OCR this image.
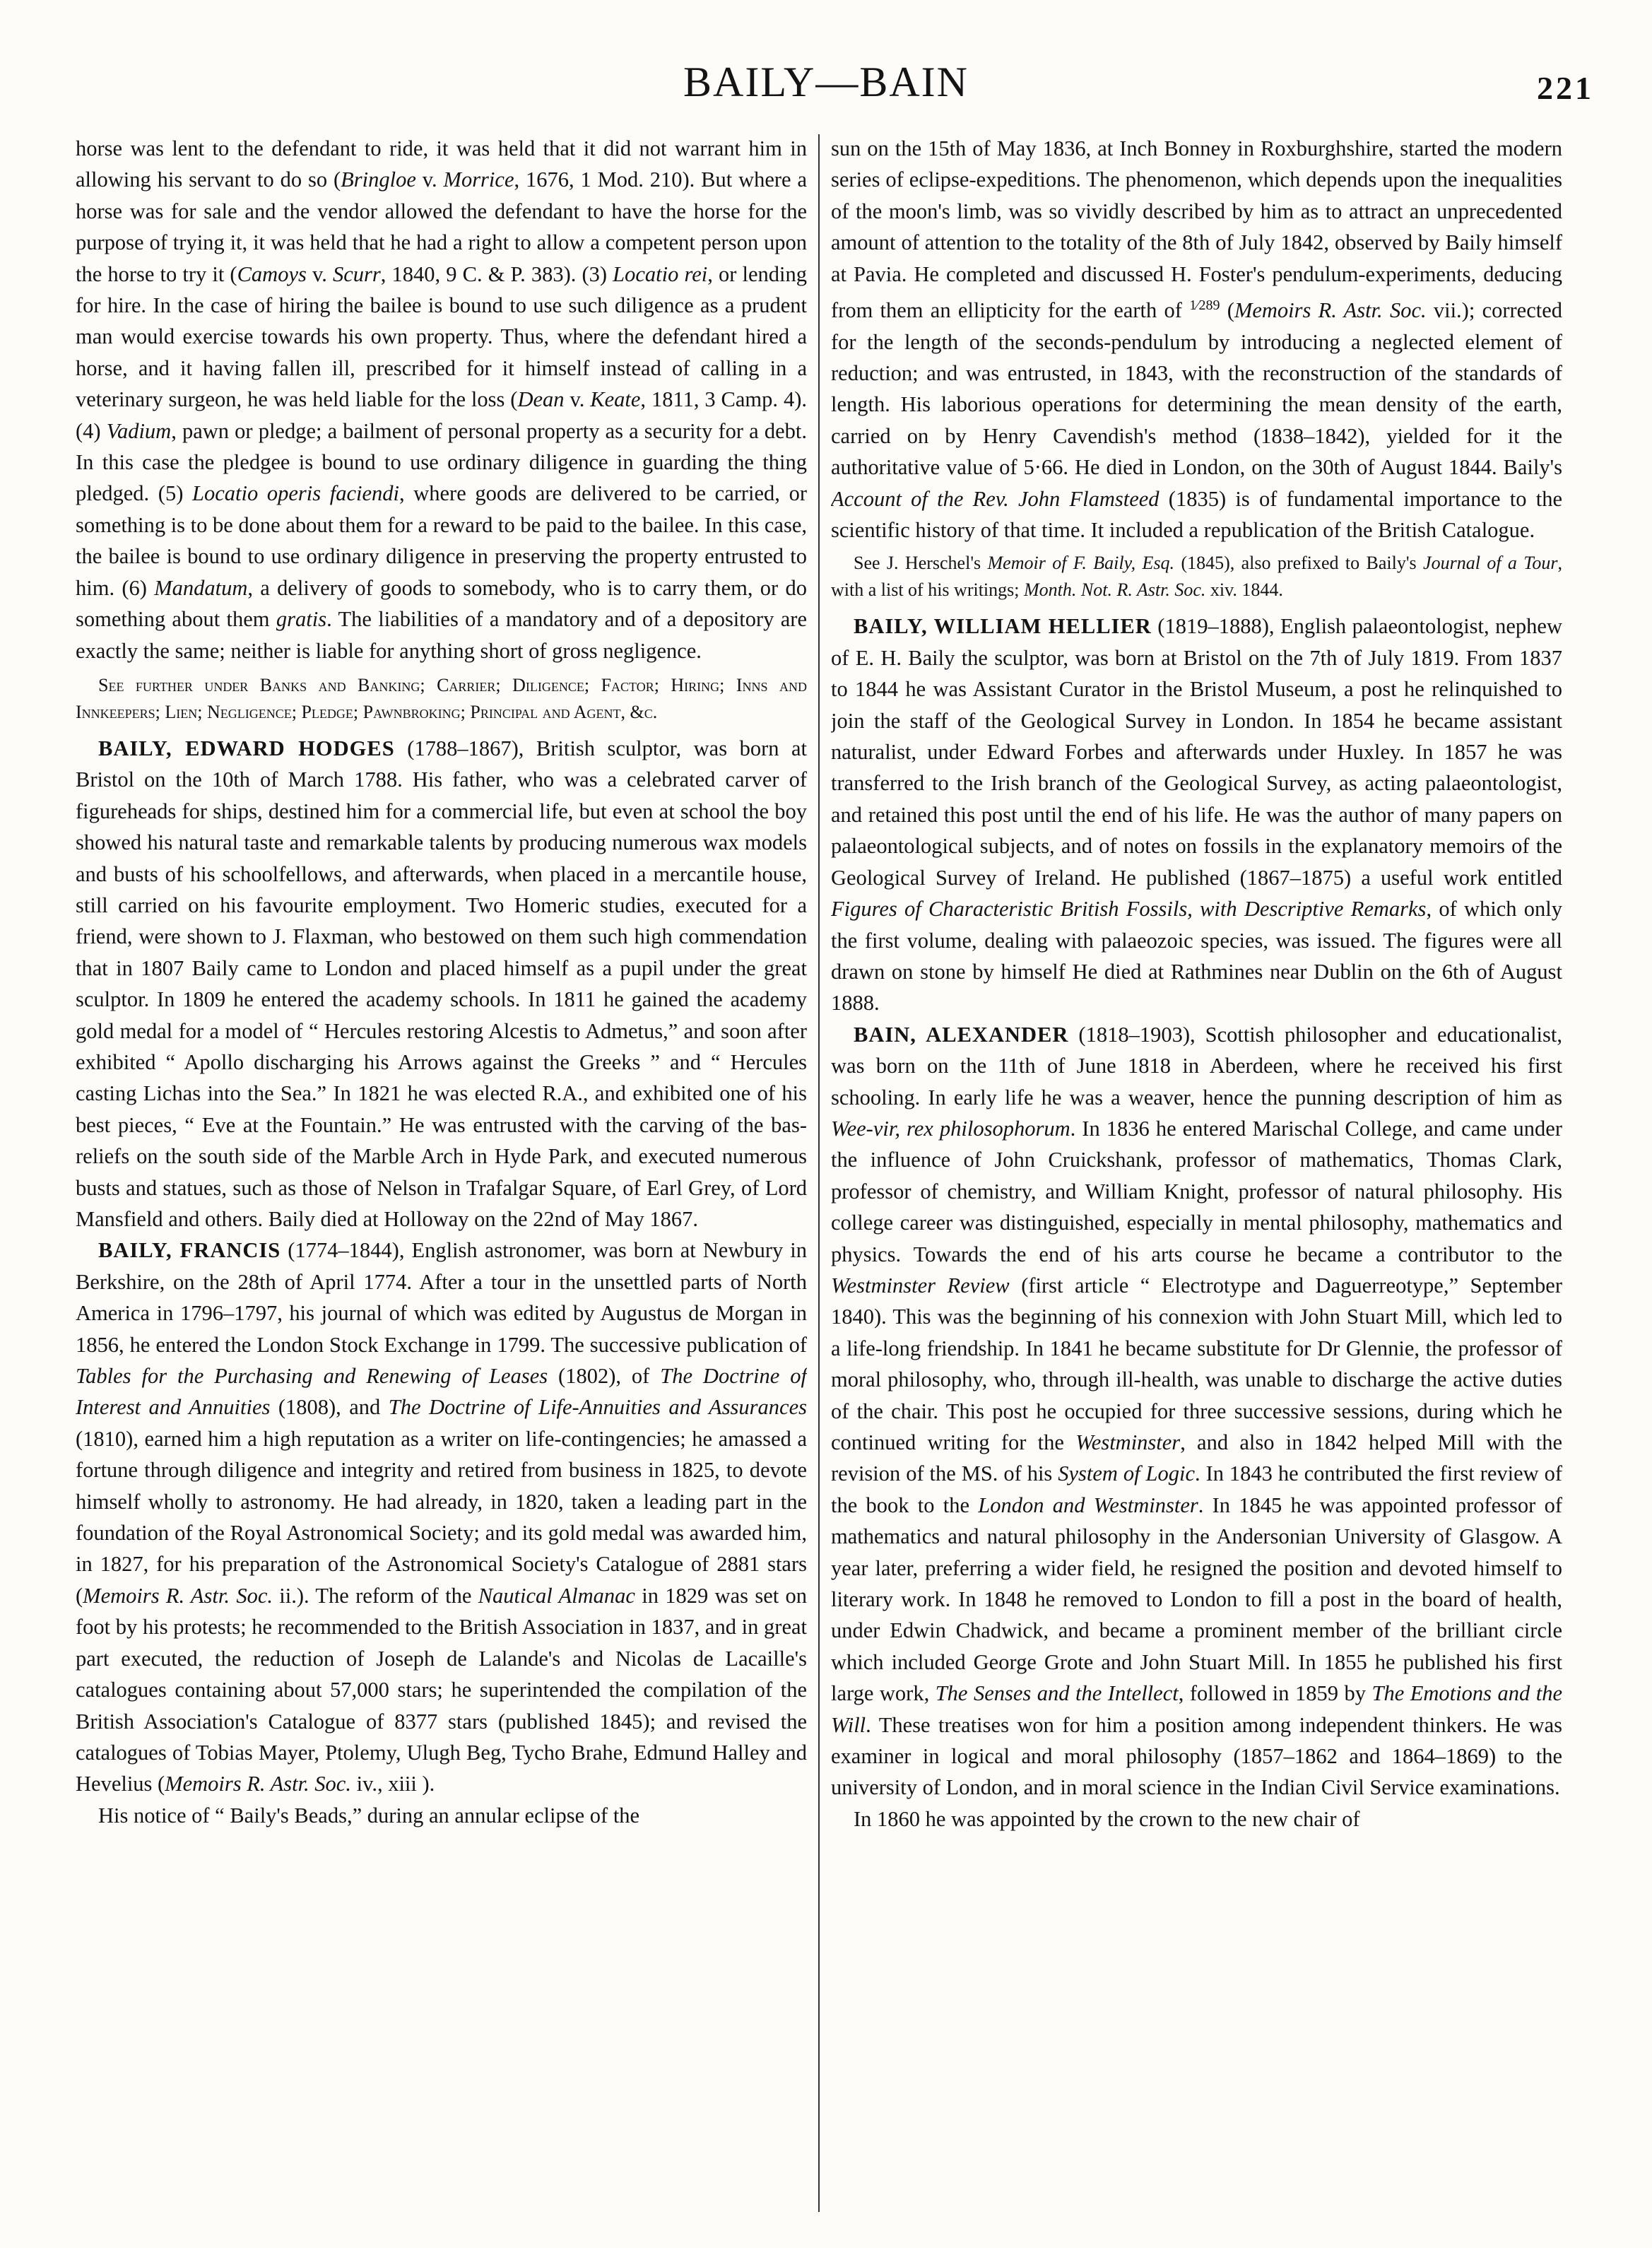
BAILY—BAIN	221

horse was lent to the defendant to ride, it was held that it did not warrant him in allowing his servant to do so (Bringloe v. Morrice, 1676, 1 Mod. 210). But where a horse was for sale and the vendor allowed the defendant to have the horse for the purpose of trying it, it was held that he had a right to allow a competent person upon the horse to try it (Camoys v. Scurr, 1840, 9 C. & P. 383). (3) Locatio rei, or lending for hire. In the case of hiring the bailee is bound to use such diligence as a prudent man would exercise towards his own property. Thus, where the defendant hired a horse, and it having fallen ill, prescribed for it himself instead of calling in a veterinary surgeon, he was held liable for the loss (Dean v. Keate, 1811, 3 Camp. 4). (4) Vadium, pawn or pledge; a bailment of personal property as a security for a debt. In this case the pledgee is bound to use ordinary diligence in guarding the thing pledged. (5) Locatio operis faciendi, where goods are delivered to be carried, or something is to be done about them for a reward to be paid to the bailee. In this case, the bailee is bound to use ordinary diligence in preserving the property entrusted to him. (6) Mandatum, a delivery of goods to somebody, who is to carry them, or do something about them gratis. The liabilities of a mandatory and of a depository are exactly the same; neither is liable for anything short of gross negligence.

See further under Banks and Banking; Carrier; Diligence; Factor; Hiring; Inns and Innkeepers; Lien; Negligence; Pledge; Pawnbroking; Principal and Agent, &c.

BAILY, EDWARD HODGES (1788–1867), British sculptor, was born at Bristol on the 10th of March 1788. His father, who was a celebrated carver of figureheads for ships, destined him for a commercial life, but even at school the boy showed his natural taste and remarkable talents by producing numerous wax models and busts of his schoolfellows, and afterwards, when placed in a mercantile house, still carried on his favourite employment. Two Homeric studies, executed for a friend, were shown to J. Flaxman, who bestowed on them such high commendation that in 1807 Baily came to London and placed himself as a pupil under the great sculptor. In 1809 he entered the academy schools. In 1811 he gained the academy gold medal for a model of “ Hercules restoring Alcestis to Admetus,” and soon after exhibited “ Apollo discharging his Arrows against the Greeks ” and “ Hercules casting Lichas into the Sea.” In 1821 he was elected R.A., and exhibited one of his best pieces, “ Eve at the Fountain.” He was entrusted with the carving of the bas-reliefs on the south side of the Marble Arch in Hyde Park, and executed numerous busts and statues, such as those of Nelson in Trafalgar Square, of Earl Grey, of Lord Mansfield and others. Baily died at Holloway on the 22nd of May 1867.

BAILY, FRANCIS (1774–1844), English astronomer, was born at Newbury in Berkshire, on the 28th of April 1774. After a tour in the unsettled parts of North America in 1796–1797, his journal of which was edited by Augustus de Morgan in 1856, he entered the London Stock Exchange in 1799. The successive publication of Tables for the Purchasing and Renewing of Leases (1802), of The Doctrine of Interest and Annuities (1808), and The Doctrine of Life-Annuities and Assurances (1810), earned him a high reputation as a writer on life-contingencies; he amassed a fortune through diligence and integrity and retired from business in 1825, to devote himself wholly to astronomy. He had already, in 1820, taken a leading part in the foundation of the Royal Astronomical Society; and its gold medal was awarded him, in 1827, for his preparation of the Astronomical Society's Catalogue of 2881 stars (Memoirs R. Astr. Soc. ii.). The reform of the Nautical Almanac in 1829 was set on foot by his protests; he recommended to the British Association in 1837, and in great part executed, the reduction of Joseph de Lalande's and Nicolas de Lacaille's catalogues containing about 57,000 stars; he superintended the compilation of the British Association's Catalogue of 8377 stars (published 1845); and revised the catalogues of Tobias Mayer, Ptolemy, Ulugh Beg, Tycho Brahe, Edmund Halley and Hevelius (Memoirs R. Astr. Soc. iv., xiii ).

His notice of “ Baily's Beads,” during an annular eclipse of the

sun on the 15th of May 1836, at Inch Bonney in Roxburghshire, started the modern series of eclipse-expeditions. The phenomenon, which depends upon the inequalities of the moon's limb, was so vividly described by him as to attract an unprecedented amount of attention to the totality of the 8th of July 1842, observed by Baily himself at Pavia. He completed and discussed H. Foster's pendulum-experiments, deducing from them an ellipticity for the earth of $^{1⁄289}$ (Memoirs R. Astr. Soc. vii.); corrected for the length of the seconds-pendulum by introducing a neglected element of reduction; and was entrusted, in 1843, with the reconstruction of the standards of length. His laborious operations for determining the mean density of the earth, carried on by Henry Cavendish's method (1838–1842), yielded for it the authoritative value of 5·66. He died in London, on the 30th of August 1844. Baily's Account of the Rev. John Flamsteed (1835) is of fundamental importance to the scientific history of that time. It included a republication of the British Catalogue.

See J. Herschel's Memoir of F. Baily, Esq. (1845), also prefixed to Baily's Journal of a Tour, with a list of his writings; Month. Not. R. Astr. Soc. xiv. 1844.

BAILY, WILLIAM HELLIER (1819–1888), English palaeontologist, nephew of E. H. Baily the sculptor, was born at Bristol on the 7th of July 1819. From 1837 to 1844 he was Assistant Curator in the Bristol Museum, a post he relinquished to join the staff of the Geological Survey in London. In 1854 he became assistant naturalist, under Edward Forbes and afterwards under Huxley. In 1857 he was transferred to the Irish branch of the Geological Survey, as acting palaeontologist, and retained this post until the end of his life. He was the author of many papers on palaeontological subjects, and of notes on fossils in the explanatory memoirs of the Geological Survey of Ireland. He published (1867–1875) a useful work entitled Figures of Characteristic British Fossils, with Descriptive Remarks, of which only the first volume, dealing with palaeozoic species, was issued. The figures were all drawn on stone by himself He died at Rathmines near Dublin on the 6th of August 1888.

BAIN, ALEXANDER (1818–1903), Scottish philosopher and educationalist, was born on the 11th of June 1818 in Aberdeen, where he received his first schooling. In early life he was a weaver, hence the punning description of him as Wee-vir, rex philosophorum. In 1836 he entered Marischal College, and came under the influence of John Cruickshank, professor of mathematics, Thomas Clark, professor of chemistry, and William Knight, professor of natural philosophy. His college career was distinguished, especially in mental philosophy, mathematics and physics. Towards the end of his arts course he became a contributor to the Westminster Review (first article “ Electrotype and Daguerreotype,” September 1840). This was the beginning of his connexion with John Stuart Mill, which led to a life-long friendship. In 1841 he became substitute for Dr Glennie, the professor of moral philosophy, who, through ill-health, was unable to discharge the active duties of the chair. This post he occupied for three successive sessions, during which he continued writing for the Westminster, and also in 1842 helped Mill with the revision of the MS. of his System of Logic. In 1843 he contributed the first review of the book to the London and Westminster. In 1845 he was appointed professor of mathematics and natural philosophy in the Andersonian University of Glasgow. A year later, preferring a wider field, he resigned the position and devoted himself to literary work. In 1848 he removed to London to fill a post in the board of health, under Edwin Chadwick, and became a prominent member of the brilliant circle which included George Grote and John Stuart Mill. In 1855 he published his first large work, The Senses and the Intellect, followed in 1859 by The Emotions and the Will. These treatises won for him a position among independent thinkers. He was examiner in logical and moral philosophy (1857–1862 and 1864–1869) to the university of London, and in moral science in the Indian Civil Service examinations.

In 1860 he was appointed by the crown to the new chair of
